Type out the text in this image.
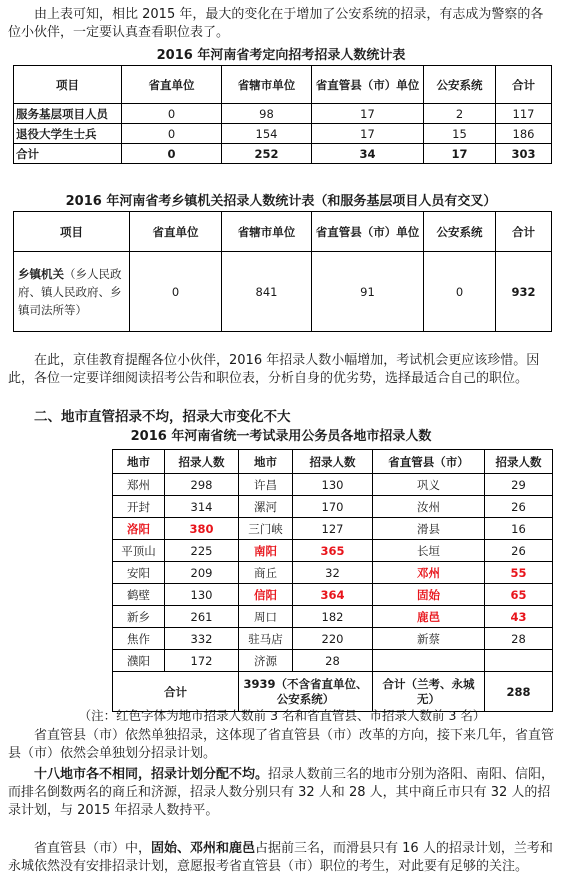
由上表可知，相比 2015 年，最大的变化在于增加了公安系统的招录，有志成为警察的各位小伙伴，一定要认真查看职位表了。

2016 年河南省考定向招考招录人数统计表
项目	省直单位	省辖市单位	省直管县（市）单位	公安系统	合计
服务基层项目人员	0	98	17	2	117
退役大学生士兵	0	154	17	15	186
合计	0	252	34	17	303
2016 年河南省考乡镇机关招录人数统计表（和服务基层项目人员有交叉）
项目	省直单位	省辖市单位	省直管县（市）单位	公安系统	合计
乡镇机关（乡人民政府、镇人民政府、乡镇司法所等）	0	841	91	0	932

在此，京佳教育提醒各位小伙伴，2016 年招录人数小幅增加，考试机会更应该珍惜。因此，各位一定要详细阅读招考公告和职位表，分析自身的优劣势，选择最适合自己的职位。

二、地市直管招录不均，招录大市变化不大
2016 年河南省统一考试录用公务员各地市招录人数
地市	招录人数	地市	招录人数	省直管县（市）	招录人数
郑州	298	许昌	130	巩义	29
开封	314	漯河	170	汝州	26
洛阳	380	三门峡	127	滑县	16
平顶山	225	南阳	365	长垣	26
安阳	209	商丘	32	邓州	55
鹤壁	130	信阳	364	固始	65
新乡	261	周口	182	鹿邑	43
焦作	332	驻马店	220	新蔡	28
濮阳	172	济源	28		
合计		3939（不含省直单位、公安系统）		合计（兰考、永城无）	288
（注：红色字体为地市招录人数前 3 名和省直管县、市招录人数前 3 名）

省直管县（市）依然单独招录，这体现了省直管县（市）改革的方向，接下来几年，省直管县（市）依然会单独划分招录计划。

十八地市各不相同，招录计划分配不均。招录人数前三名的地市分别为洛阳、南阳、信阳，而排名倒数两名的商丘和济源，招录人数分别只有 32 人和 28 人，其中商丘市只有 32 人的招录计划，与 2015 年招录人数持平。

省直管县（市）中，固始、邓州和鹿邑占据前三名，而滑县只有 16 人的招录计划，兰考和永城依然没有安排招录计划，意愿报考省直管县（市）职位的考生，对此要有足够的关注。
